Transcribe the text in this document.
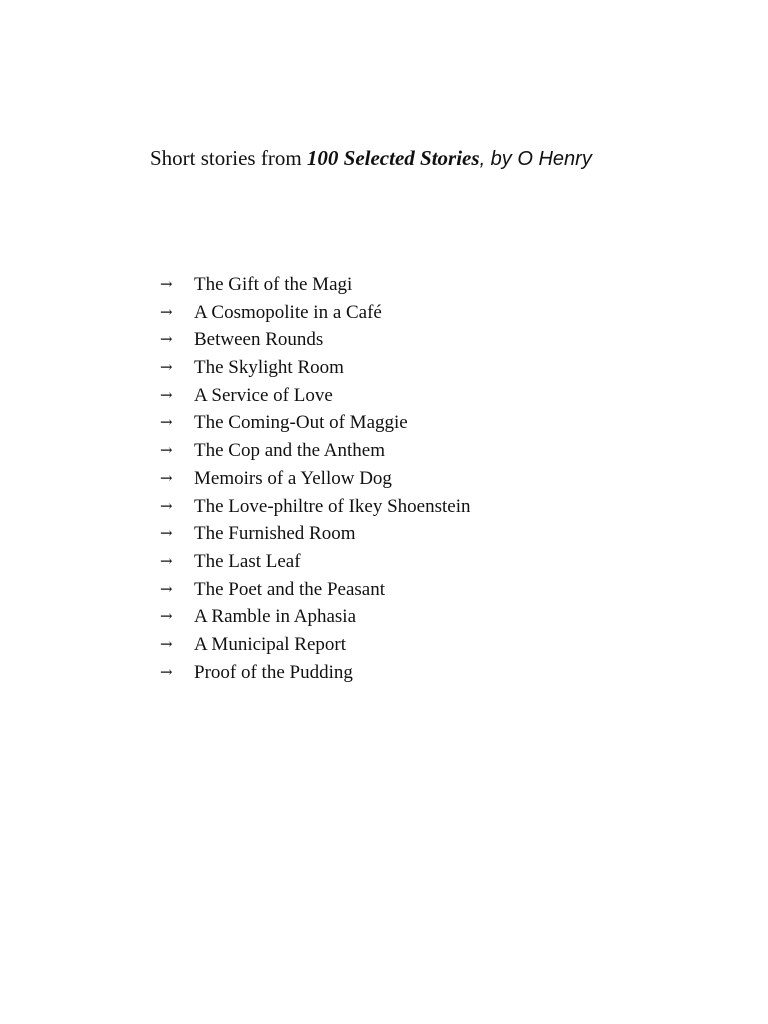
Short stories from 100 Selected Stories, by O Henry
→	The Gift of the Magi
→	A Cosmopolite in a Café
→	Between Rounds
→	The Skylight Room
→	A Service of Love
→	The Coming-Out of Maggie
→	The Cop and the Anthem
→	Memoirs of a Yellow Dog
→	The Love-philtre of Ikey Shoenstein
→	The Furnished Room
→	The Last Leaf
→	The Poet and the Peasant
→	A Ramble in Aphasia
→	A Municipal Report
→	Proof of the Pudding
